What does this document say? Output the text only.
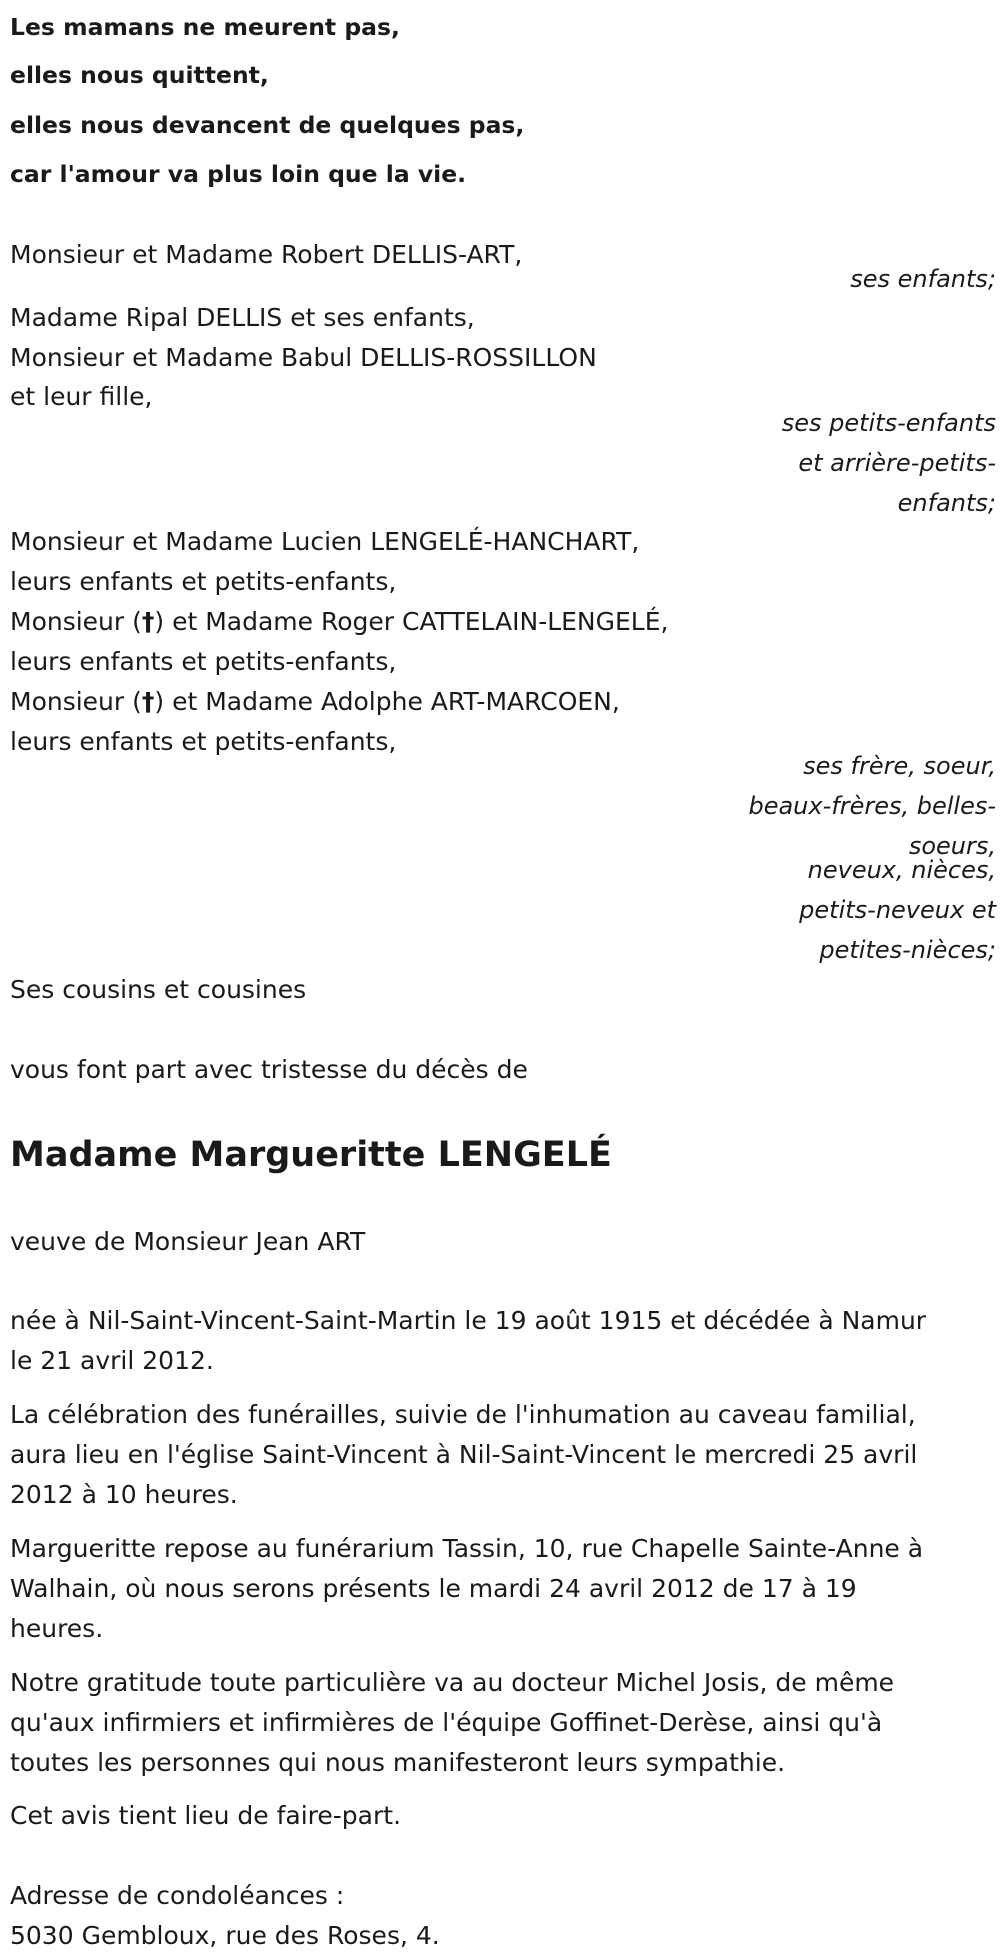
Les mamans ne meurent pas,
elles nous quittent,
elles nous devancent de quelques pas,
car l'amour va plus loin que la vie.
Monsieur et Madame Robert DELLIS-ART,
ses enfants;
Madame Ripal DELLIS et ses enfants,
Monsieur et Madame Babul DELLIS-ROSSILLON
et leur fille,
ses petits-enfants
et arrière-petits-
enfants;
Monsieur et Madame Lucien LENGELÉ-HANCHART,
leurs enfants et petits-enfants,
Monsieur (†) et Madame Roger CATTELAIN-LENGELÉ,
leurs enfants et petits-enfants,
Monsieur (†) et Madame Adolphe ART-MARCOEN,
leurs enfants et petits-enfants,
ses frère, soeur,
beaux-frères, belles-
soeurs,
neveux, nièces,
petits-neveux et
petites-nièces;
Ses cousins et cousines
vous font part avec tristesse du décès de
Madame Margueritte LENGELÉ
veuve de Monsieur Jean ART
née à Nil-Saint-Vincent-Saint-Martin le 19 août 1915 et décédée à Namur
le 21 avril 2012.
La célébration des funérailles, suivie de l'inhumation au caveau familial,
aura lieu en l'église Saint-Vincent à Nil-Saint-Vincent le mercredi 25 avril
2012 à 10 heures.
Margueritte repose au funérarium Tassin, 10, rue Chapelle Sainte-Anne à
Walhain, où nous serons présents le mardi 24 avril 2012 de 17 à 19
heures.
Notre gratitude toute particulière va au docteur Michel Josis, de même
qu'aux infirmiers et infirmières de l'équipe Goffinet-Derèse, ainsi qu'à
toutes les personnes qui nous manifesteront leurs sympathie.
Cet avis tient lieu de faire-part.
Adresse de condoléances :
5030 Gembloux, rue des Roses, 4.
